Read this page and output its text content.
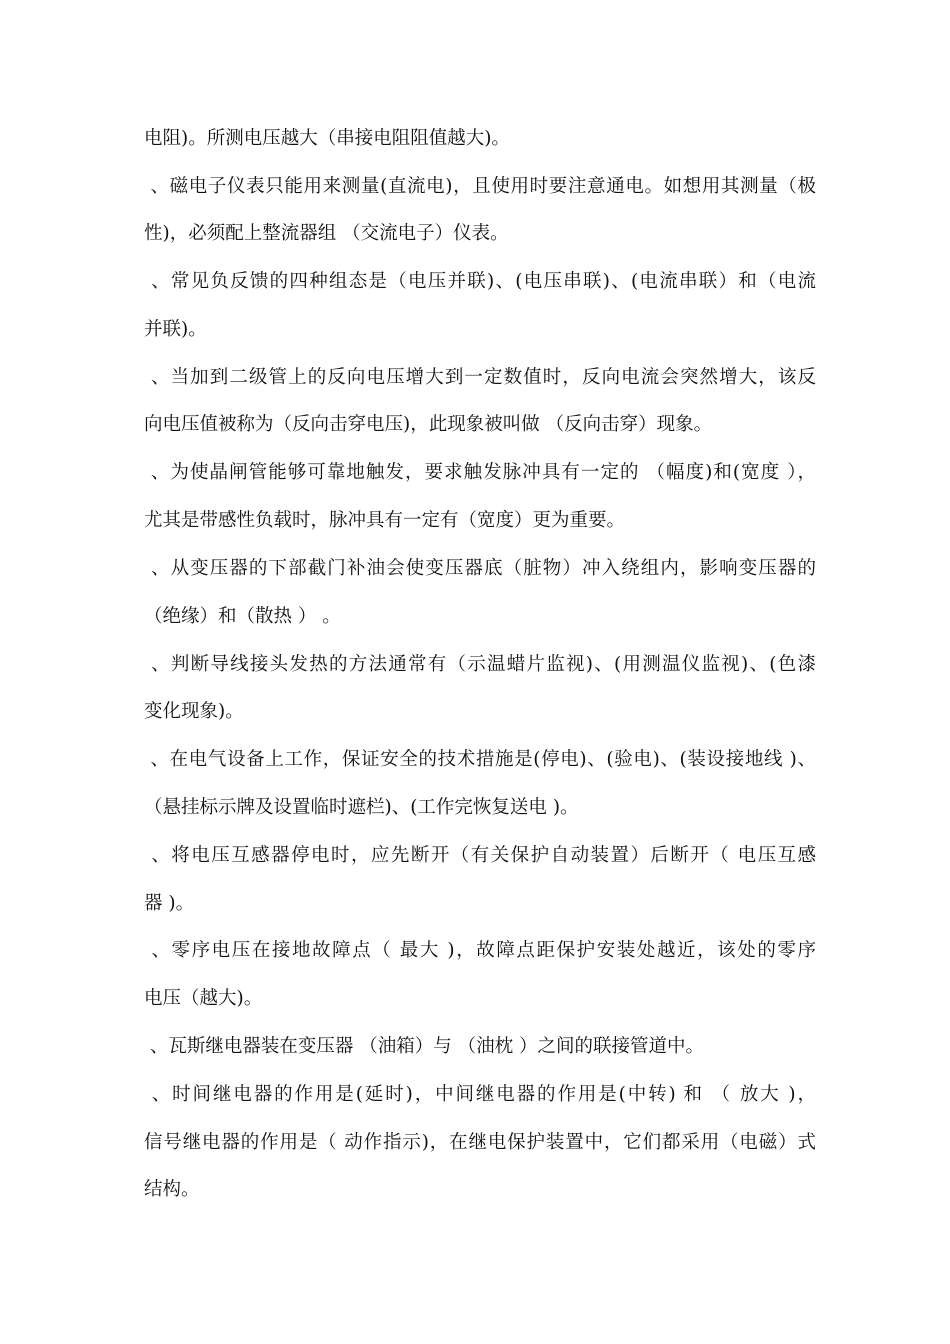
电阻)。所测电压越大（串接电阻阻值越大)。
、磁电子仪表只能用来测量(直流电)，且使用时要注意通电。如想用其测量（极
性)，必须配上整流器组 （交流电子）仪表。
、常见负反馈的四种组态是（电压并联)、(电压串联)、(电流串联）和（电流
并联)。
、当加到二级管上的反向电压增大到一定数值时，反向电流会突然增大，该反
向电压值被称为（反向击穿电压)，此现象被叫做 （反向击穿）现象。
、为使晶闸管能够可靠地触发，要求触发脉冲具有一定的 （幅度)和(宽度 ），
尤其是带感性负载时，脉冲具有一定有（宽度）更为重要。
、从变压器的下部截门补油会使变压器底（脏物）冲入绕组内，影响变压器的
（绝缘）和（散热 ） 。
、判断导线接头发热的方法通常有（示温蜡片监视)、(用测温仪监视)、(色漆
变化现象)。
、在电气设备上工作，保证安全的技术措施是(停电)、(验电)、(装设接地线 )、
（悬挂标示牌及设置临时遮栏)、(工作完恢复送电 )。
、将电压互感器停电时，应先断开（有关保护自动装置）后断开（ 电压互感
器 )。
、零序电压在接地故障点（ 最大 )，故障点距保护安装处越近，该处的零序
电压（越大)。
、瓦斯继电器装在变压器 （油箱）与 （油枕 ）之间的联接管道中。
、时间继电器的作用是(延时)，中间继电器的作用是(中转) 和 （ 放大 )，
信号继电器的作用是（ 动作指示)，在继电保护装置中，它们都采用（电磁）式
结构。
